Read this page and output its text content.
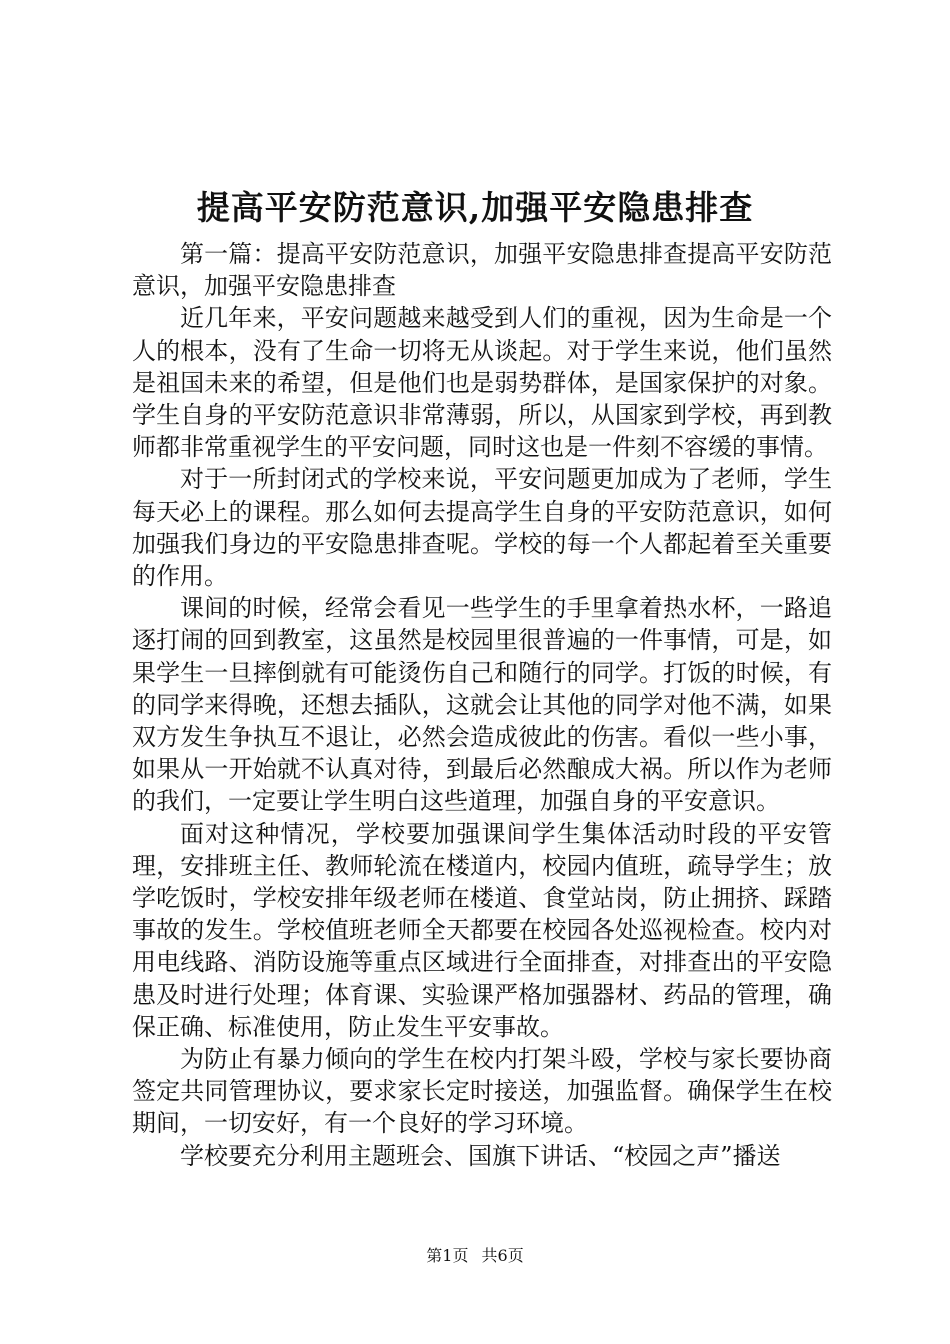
提高平安防范意识,加强平安隐患排查

第一篇：提高平安防范意识，加强平安隐患排查提高平安防范意识，加强平安隐患排查

近几年来，平安问题越来越受到人们的重视，因为生命是一个人的根本，没有了生命一切将无从谈起。对于学生来说，他们虽然是祖国未来的希望，但是他们也是弱势群体，是国家保护的对象。学生自身的平安防范意识非常薄弱，所以，从国家到学校，再到教师都非常重视学生的平安问题，同时这也是一件刻不容缓的事情。

对于一所封闭式的学校来说，平安问题更加成为了老师，学生每天必上的课程。那么如何去提高学生自身的平安防范意识，如何加强我们身边的平安隐患排查呢。学校的每一个人都起着至关重要的作用。

课间的时候，经常会看见一些学生的手里拿着热水杯，一路追逐打闹的回到教室，这虽然是校园里很普遍的一件事情，可是，如果学生一旦摔倒就有可能烫伤自己和随行的同学。打饭的时候，有的同学来得晚，还想去插队，这就会让其他的同学对他不满，如果双方发生争执互不退让，必然会造成彼此的伤害。看似一些小事，如果从一开始就不认真对待，到最后必然酿成大祸。所以作为老师的我们，一定要让学生明白这些道理，加强自身的平安意识。

面对这种情况，学校要加强课间学生集体活动时段的平安管理，安排班主任、教师轮流在楼道内，校园内值班，疏导学生；放学吃饭时，学校安排年级老师在楼道、食堂站岗，防止拥挤、踩踏事故的发生。学校值班老师全天都要在校园各处巡视检查。校内对用电线路、消防设施等重点区域进行全面排查，对排查出的平安隐患及时进行处理；体育课、实验课严格加强器材、药品的管理，确保正确、标准使用，防止发生平安事故。

为防止有暴力倾向的学生在校内打架斗殴，学校与家长要协商签定共同管理协议，要求家长定时接送，加强监督。确保学生在校期间，一切安好，有一个良好的学习环境。

学校要充分利用主题班会、国旗下讲话、“校园之声”播送

第1页 共6页
